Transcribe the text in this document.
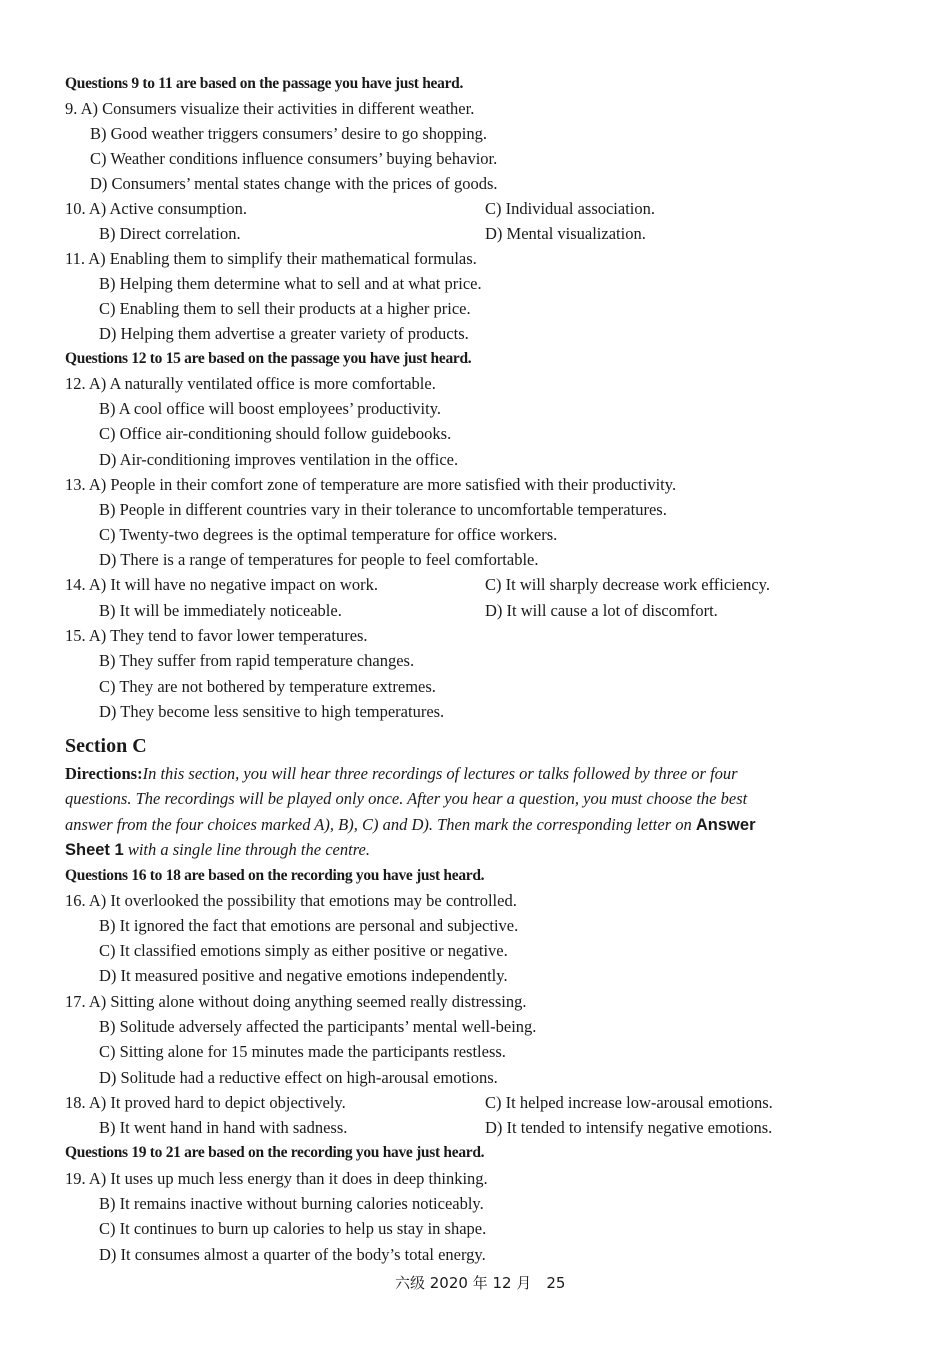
Questions 9 to 11 are based on the passage you have just heard.
9. A) Consumers visualize their activities in different weather.
B) Good weather triggers consumers’ desire to go shopping.
C) Weather conditions influence consumers’ buying behavior.
D) Consumers’ mental states change with the prices of goods.
10. A) Active consumption.	C) Individual association.
B) Direct correlation.	D) Mental visualization.
11. A) Enabling them to simplify their mathematical formulas.
B) Helping them determine what to sell and at what price.
C) Enabling them to sell their products at a higher price.
D) Helping them advertise a greater variety of products.
Questions 12 to 15 are based on the passage you have just heard.
12. A) A naturally ventilated office is more comfortable.
B) A cool office will boost employees’ productivity.
C) Office air-conditioning should follow guidebooks.
D) Air-conditioning improves ventilation in the office.
13. A) People in their comfort zone of temperature are more satisfied with their productivity.
B) People in different countries vary in their tolerance to uncomfortable temperatures.
C) Twenty-two degrees is the optimal temperature for office workers.
D) There is a range of temperatures for people to feel comfortable.
14. A) It will have no negative impact on work.	C) It will sharply decrease work efficiency.
B) It will be immediately noticeable.	D) It will cause a lot of discomfort.
15. A) They tend to favor lower temperatures.
B) They suffer from rapid temperature changes.
C) They are not bothered by temperature extremes.
D) They become less sensitive to high temperatures.
Questions 16 to 18 are based on the recording you have just heard.
16. A) It overlooked the possibility that emotions may be controlled.
B) It ignored the fact that emotions are personal and subjective.
C) It classified emotions simply as either positive or negative.
D) It measured positive and negative emotions independently.
17. A) Sitting alone without doing anything seemed really distressing.
B) Solitude adversely affected the participants’ mental well-being.
C) Sitting alone for 15 minutes made the participants restless.
D) Solitude had a reductive effect on high-arousal emotions.
18. A) It proved hard to depict objectively.	C) It helped increase low-arousal emotions.
B) It went hand in hand with sadness.	D) It tended to intensify negative emotions.
Questions 19 to 21 are based on the recording you have just heard.
19. A) It uses up much less energy than it does in deep thinking.
B) It remains inactive without burning calories noticeably.
C) It continues to burn up calories to help us stay in shape.
D) It consumes almost a quarter of the body’s total energy.
Section C
Directions:In this section, you will hear three recordings of lectures or talks followed by three or four
questions. The recordings will be played only once. After you hear a question, you must choose the best
answer from the four choices marked A), B), C) and D). Then mark the corresponding letter on Answer
Sheet 1 with a single line through the centre.
六级 2020 年 12 月　25
